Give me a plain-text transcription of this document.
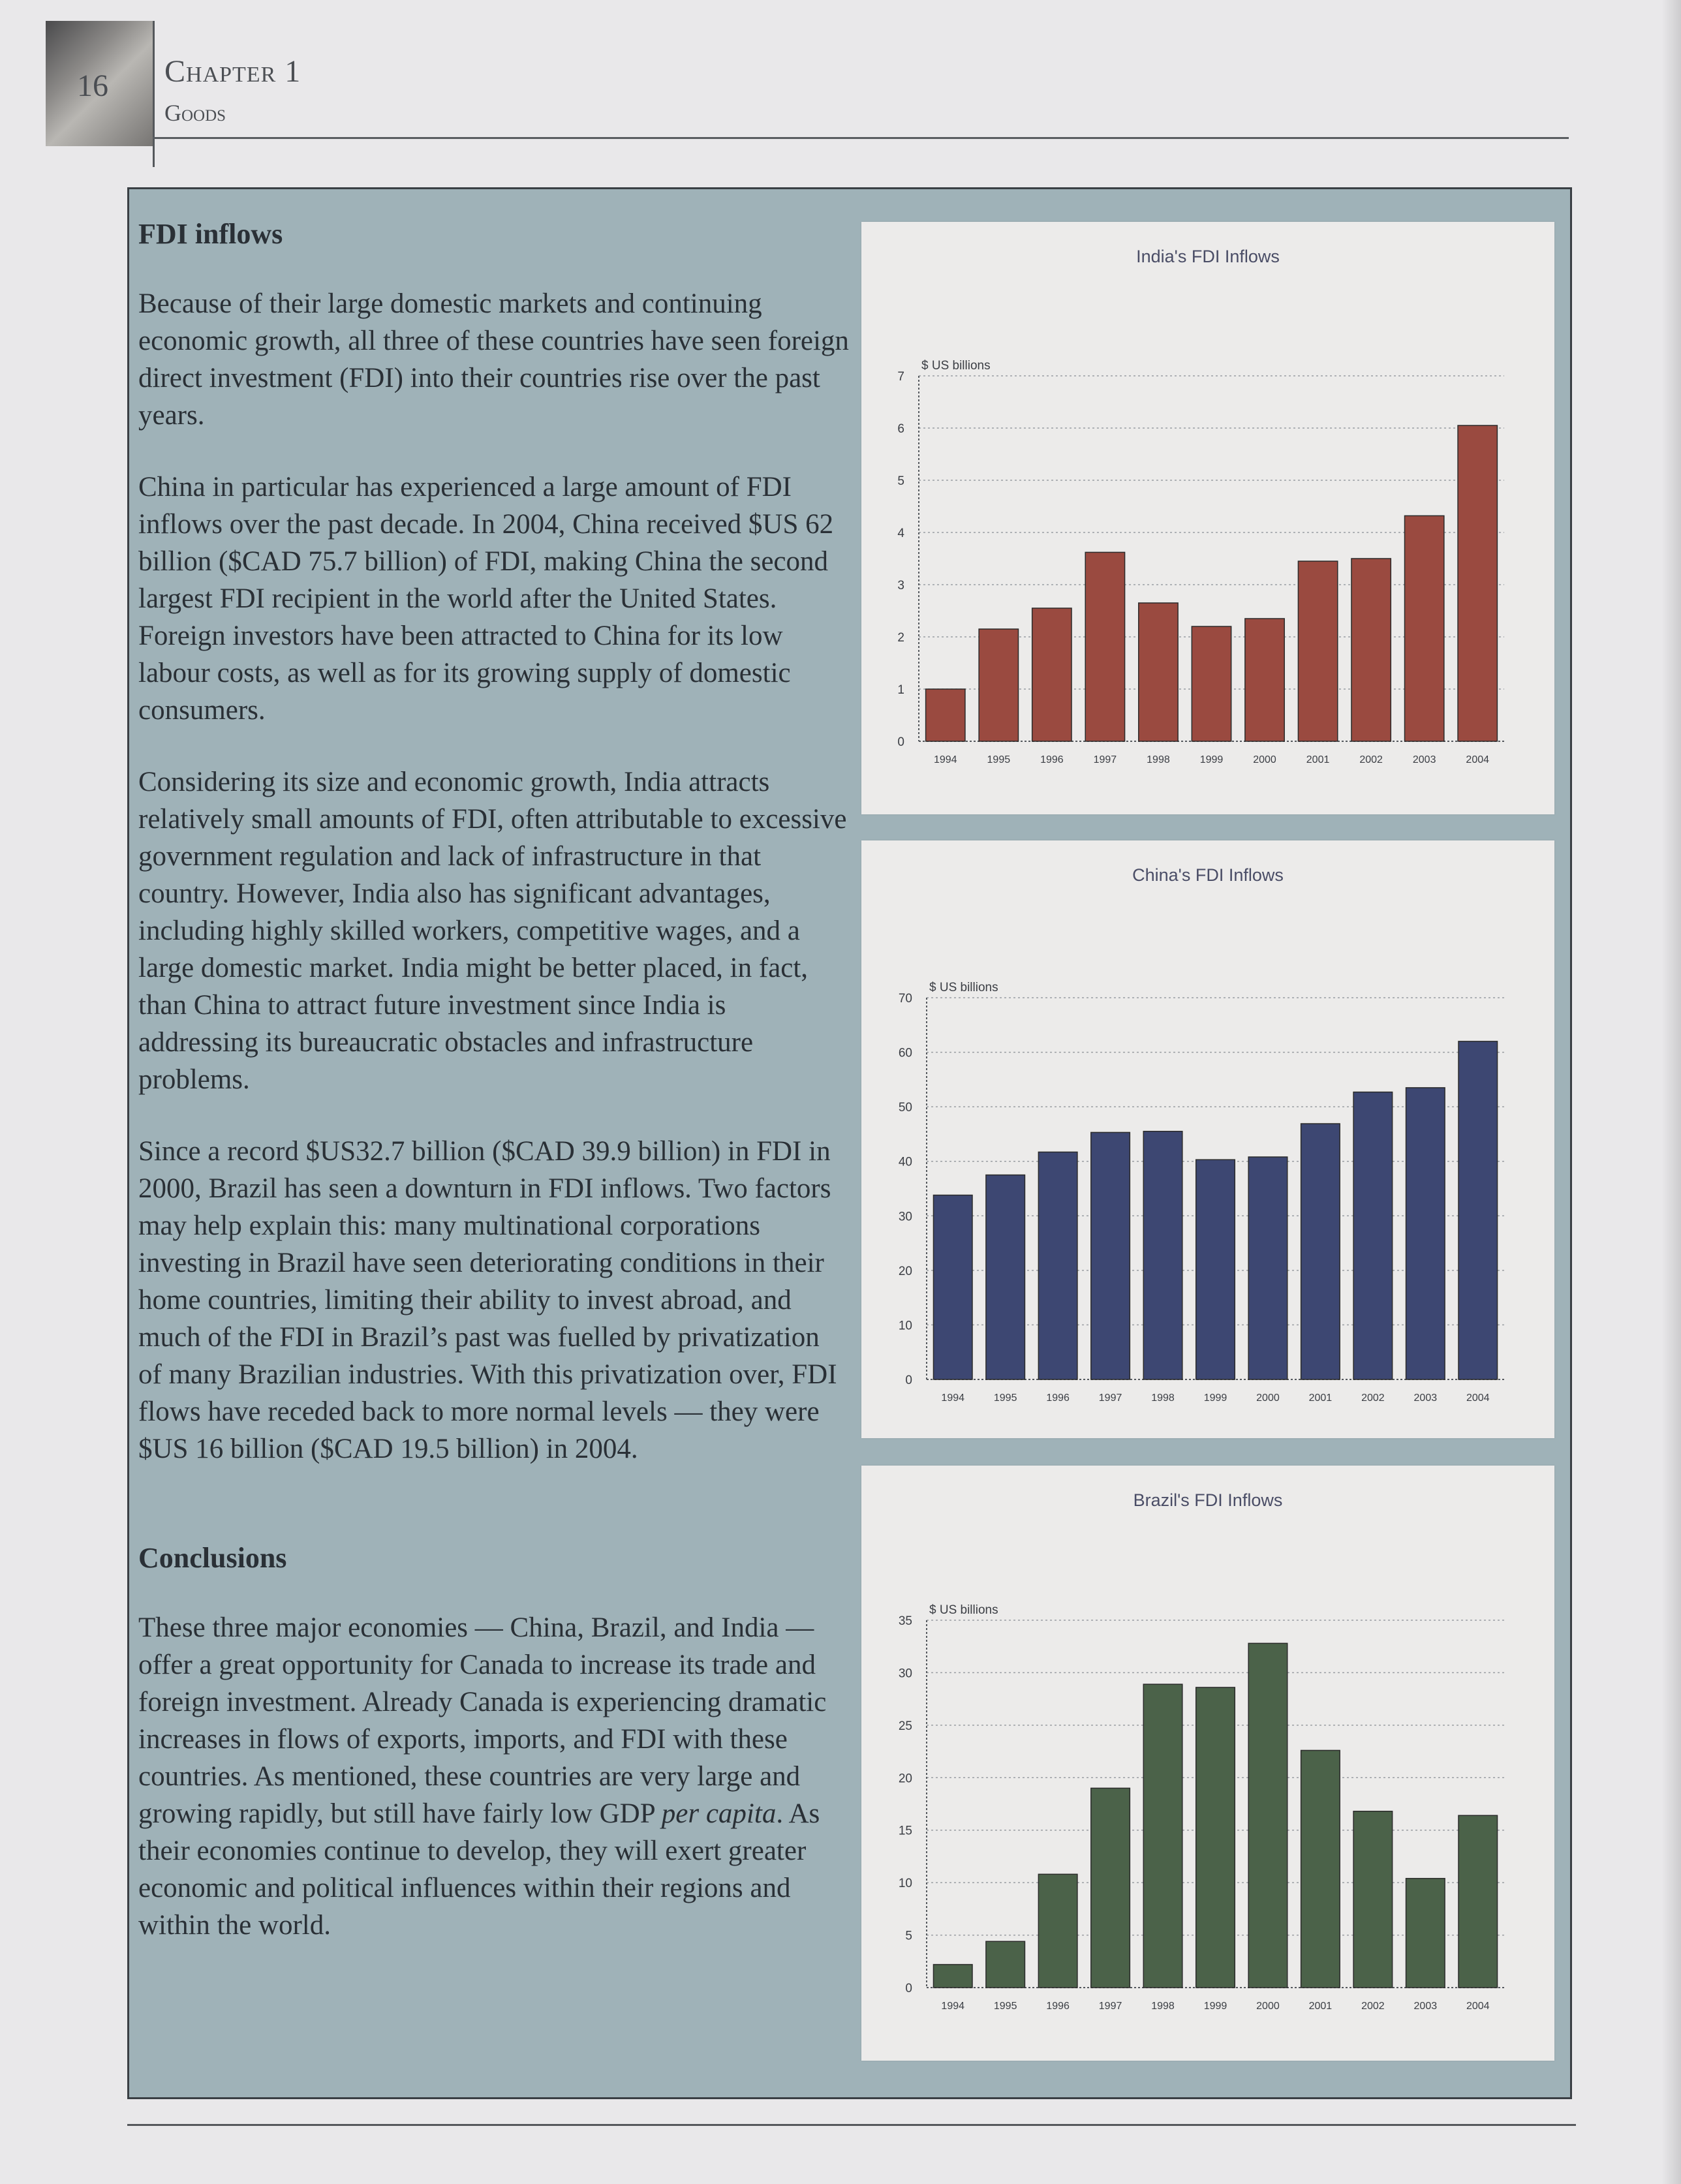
16 Chapter 1
Goods

FDI inflows

Because of their large domestic markets and continuing economic growth, all three of these countries have seen foreign direct investment (FDI) into their countries rise over the past years.

China in particular has experienced a large amount of FDI inflows over the past decade. In 2004, China received $US 62 billion ($CAD 75.7 billion) of FDI, making China the second largest FDI recipient in the world after the United States. Foreign investors have been attracted to China for its low labour costs, as well as for its growing supply of domestic consumers.

Considering its size and economic growth, India attracts relatively small amounts of FDI, often attributable to excessive government regulation and lack of infrastructure in that country. However, India also has significant advantages, including highly skilled workers, competitive wages, and a large domestic market. India might be better placed, in fact, than China to attract future investment since India is addressing its bureaucratic obstacles and infrastructure problems.

Since a record $US32.7 billion ($CAD 39.9 billion) in FDI in 2000, Brazil has seen a downturn in FDI inflows. Two factors may help explain this: many multinational corporations investing in Brazil have seen deteriorating conditions in their home countries, limiting their ability to invest abroad, and much of the FDI in Brazil’s past was fuelled by privatization of many Brazilian industries. With this privatization over, FDI flows have receded back to more normal levels — they were $US 16 billion ($CAD 19.5 billion) in 2004.

Conclusions

These three major economies — China, Brazil, and India — offer a great opportunity for Canada to increase its trade and foreign investment. Already Canada is experiencing dramatic increases in flows of exports, imports, and FDI with these countries. As mentioned, these countries are very large and growing rapidly, but still have fairly low GDP per capita. As their economies continue to develop, they will exert greater economic and political influences within their regions and within the world.

India's FDI Inflows
$ US billions
0
1
2
3
4
5
6
7
1994	1995	1996	1997	1998	1999	2000	2001	2002	2003	2004
China's FDI Inflows
$ US billions
0
10
20
30
40
50
60
70
1994	1995	1996	1997	1998	1999	2000	2001	2002	2003	2004
Brazil's FDI Inflows
$ US billions
0
5
10
15
20
25
30
35
1994	1995	1996	1997	1998	1999	2000	2001	2002	2003	2004
